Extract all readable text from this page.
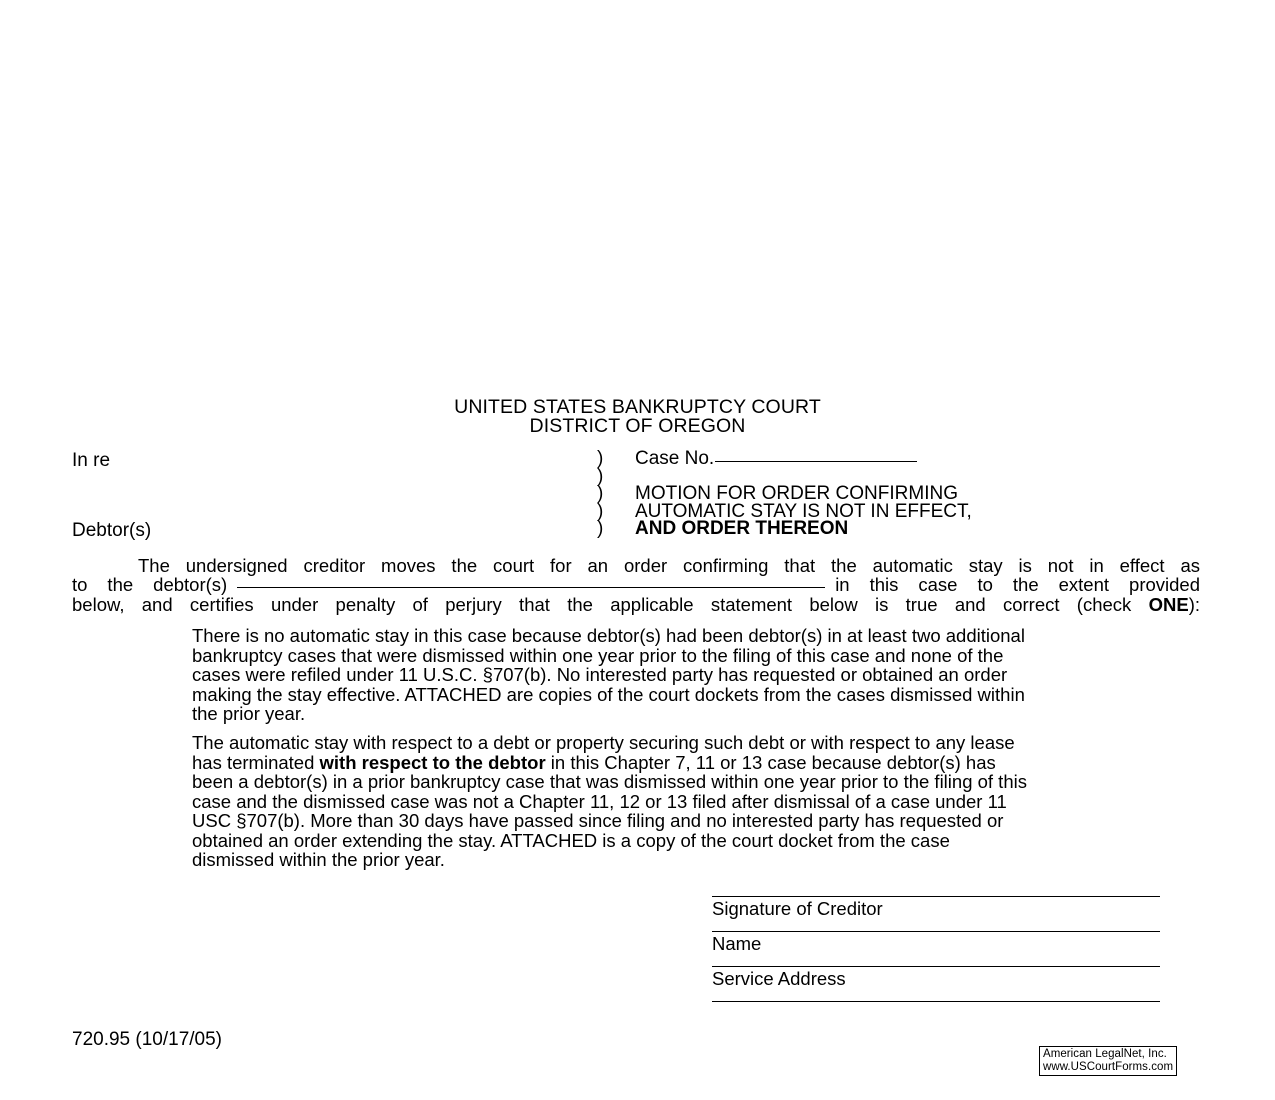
UNITED STATES BANKRUPTCY COURT
DISTRICT OF OREGON
In re
Debtor(s)
)
)
)
)
)
Case No.
MOTION FOR ORDER CONFIRMING
AUTOMATIC STAY IS NOT IN EFFECT,
AND ORDER THEREON
The undersigned creditor moves the court for an order confirming that the automatic stay is not in effect as
to the debtor(s)	in this case to the extent provided
below, and certifies under penalty of perjury that the applicable statement below is true and correct (check ONE):
There is no automatic stay in this case because debtor(s) had been debtor(s) in at least two additional
bankruptcy cases that were dismissed within one year prior to the filing of this case and none of the
cases were refiled under 11 U.S.C. §707(b). No interested party has requested or obtained an order
making the stay effective. ATTACHED are copies of the court dockets from the cases dismissed within
the prior year.
The automatic stay with respect to a debt or property securing such debt or with respect to any lease
has terminated with respect to the debtor in this Chapter 7, 11 or 13 case because debtor(s) has
been a debtor(s) in a prior bankruptcy case that was dismissed within one year prior to the filing of this
case and the dismissed case was not a Chapter 11, 12 or 13 filed after dismissal of a case under 11
USC §707(b). More than 30 days have passed since filing and no interested party has requested or
obtained an order extending the stay. ATTACHED is a copy of the court docket from the case
dismissed within the prior year.
Signature of Creditor
Name
Service Address
720.95 (10/17/05)
American LegalNet, Inc.
www.USCourtForms.com
